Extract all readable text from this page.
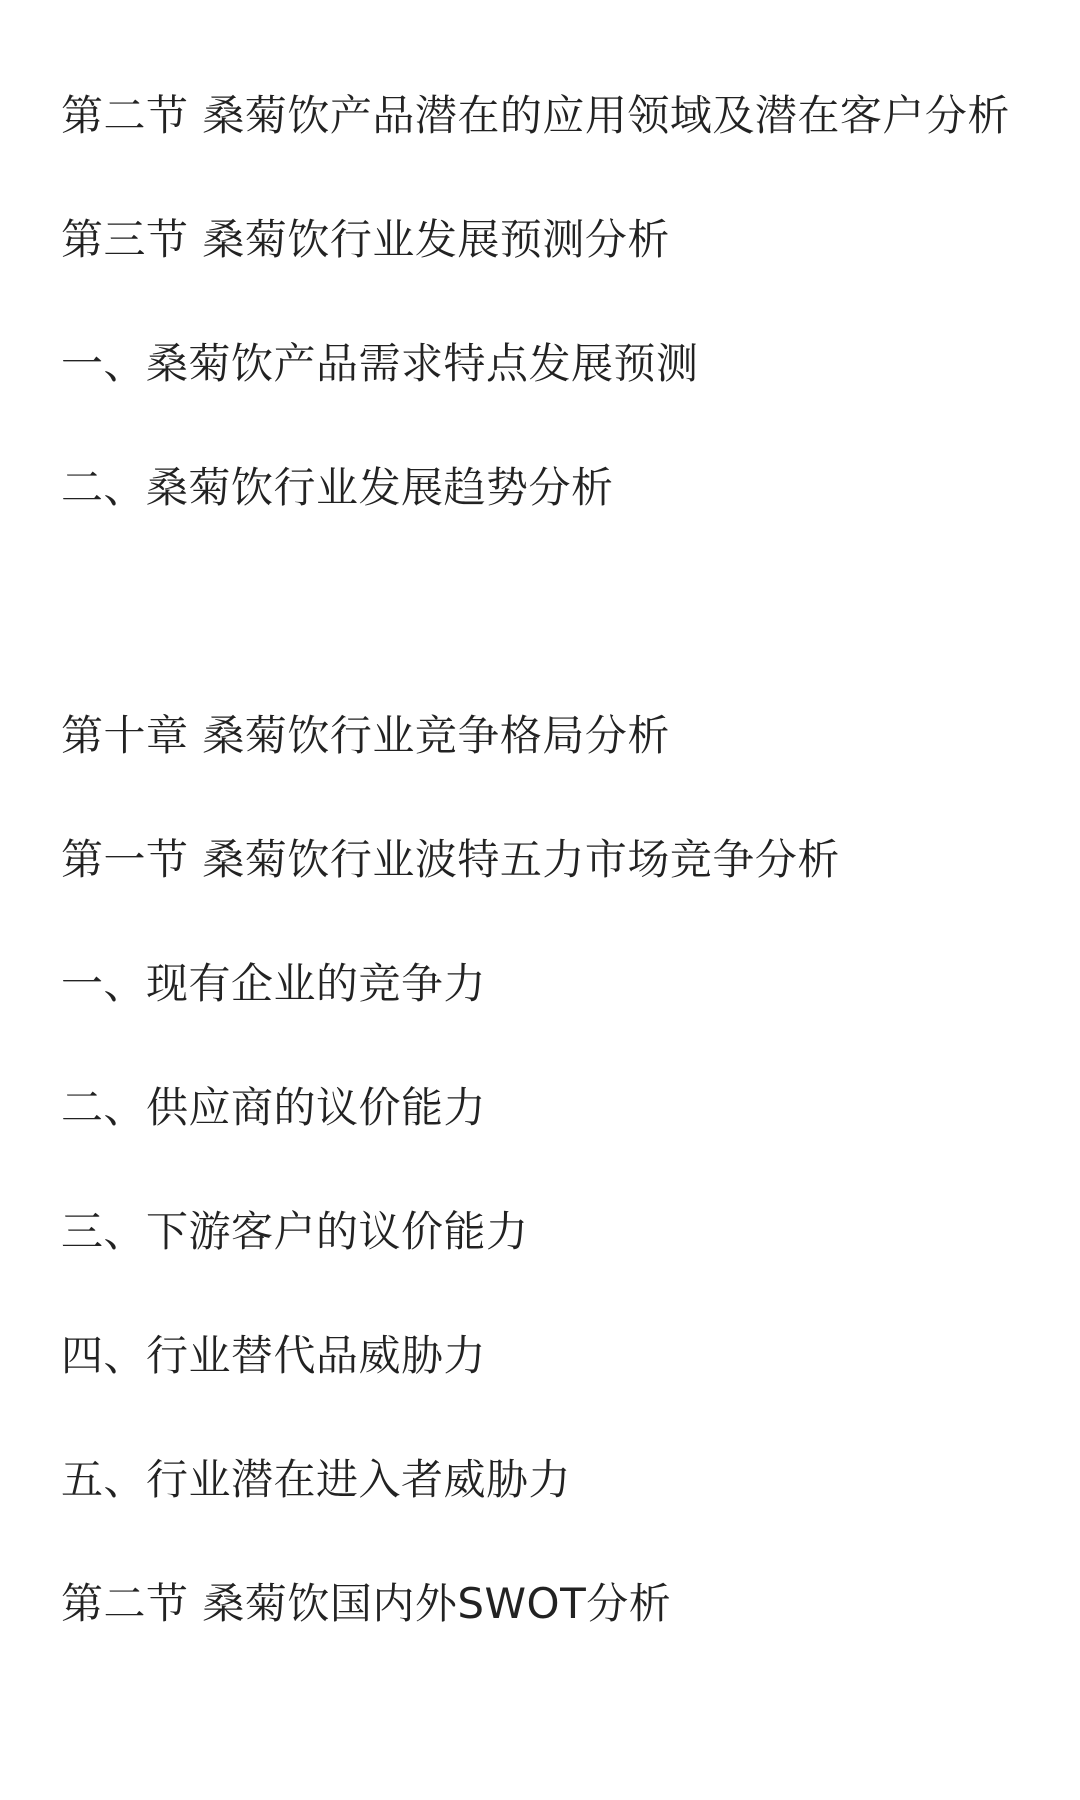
第二节 桑菊饮产品潜在的应用领域及潜在客户分析
第三节 桑菊饮行业发展预测分析
一、桑菊饮产品需求特点发展预测
二、桑菊饮行业发展趋势分析
第十章 桑菊饮行业竞争格局分析
第一节 桑菊饮行业波特五力市场竞争分析
一、现有企业的竞争力
二、供应商的议价能力
三、下游客户的议价能力
四、行业替代品威胁力
五、行业潜在进入者威胁力
第二节 桑菊饮国内外SWOT分析
